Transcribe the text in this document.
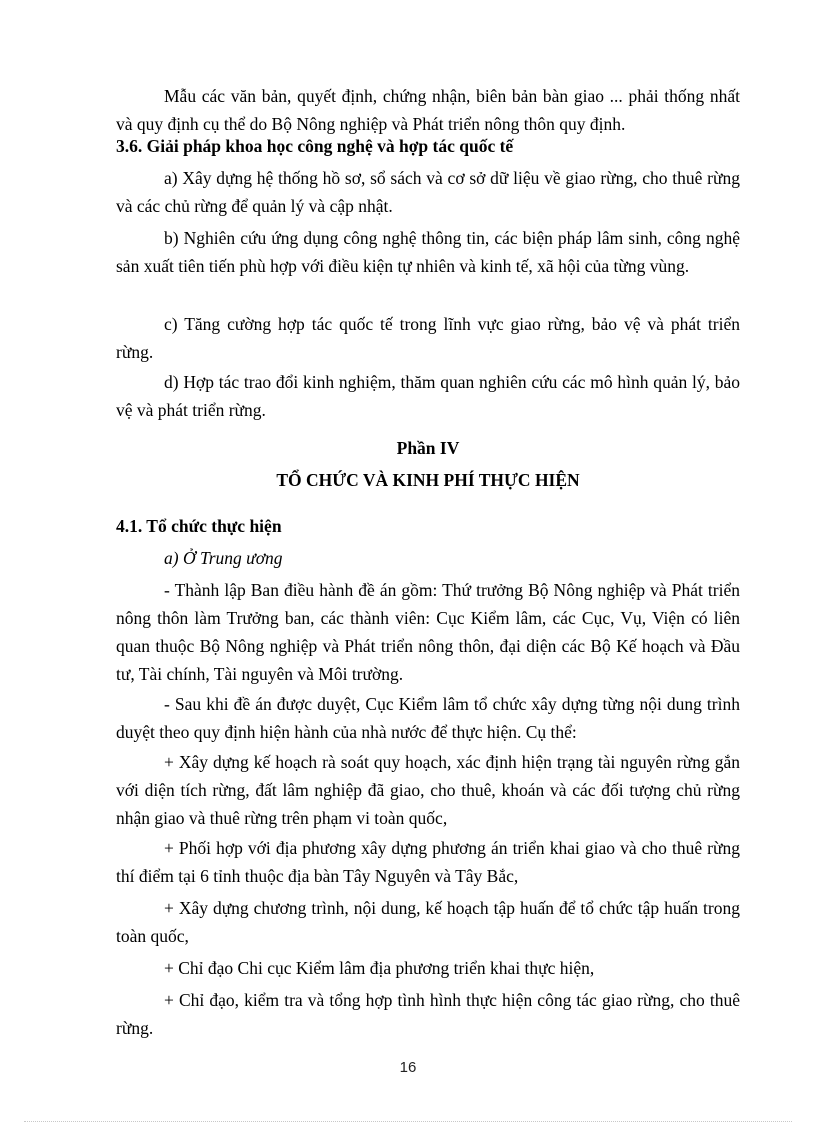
Mẫu các văn bản, quyết định, chứng nhận, biên bản bàn giao ... phải thống nhất và quy định cụ thể do Bộ Nông nghiệp và Phát triển nông thôn quy định.
3.6. Giải pháp khoa học công nghệ và hợp tác quốc tế
a) Xây dựng hệ thống hồ sơ, sổ sách và cơ sở dữ liệu về giao rừng, cho thuê rừng và các chủ rừng để quản lý và cập nhật.
b) Nghiên cứu ứng dụng công nghệ thông tin, các biện pháp lâm sinh, công nghệ sản xuất tiên tiến phù hợp với điều kiện tự nhiên và kinh tế, xã hội của từng vùng.
c) Tăng cường hợp tác quốc tế trong lĩnh vực giao rừng, bảo vệ và phát triển rừng.
d) Hợp tác trao đổi kinh nghiệm, thăm quan nghiên cứu các mô hình quản lý, bảo vệ và phát triển rừng.
Phần IV
TỔ CHỨC VÀ KINH PHÍ THỰC HIỆN
4.1. Tổ chức thực hiện
a) Ở Trung ương
- Thành lập Ban điều hành đề án gồm: Thứ trưởng Bộ Nông nghiệp và Phát triển nông thôn làm Trưởng ban, các thành viên: Cục Kiểm lâm, các Cục, Vụ, Viện có liên quan thuộc Bộ Nông nghiệp và Phát triển nông thôn, đại diện các Bộ Kế hoạch và Đầu tư, Tài chính, Tài nguyên và Môi trường.
- Sau khi đề án được duyệt, Cục Kiểm lâm tổ chức xây dựng từng nội dung trình duyệt theo quy định hiện hành của nhà nước để thực hiện. Cụ thể:
+ Xây dựng kế hoạch rà soát quy hoạch, xác định hiện trạng tài nguyên rừng gắn với diện tích rừng, đất lâm nghiệp đã giao, cho thuê, khoán và các đối tượng chủ rừng nhận giao và thuê rừng trên phạm vi toàn quốc,
+ Phối hợp với địa phương xây dựng phương án triển khai giao và cho thuê rừng thí điểm tại 6 tỉnh thuộc địa bàn Tây Nguyên và Tây Bắc,
+ Xây dựng chương trình, nội dung, kế hoạch tập huấn để tổ chức tập huấn trong toàn quốc,
+ Chỉ đạo Chi cục Kiểm lâm địa phương triển khai thực hiện,
+ Chỉ đạo, kiểm tra và tổng hợp tình hình thực hiện công tác giao rừng, cho thuê rừng.
16
